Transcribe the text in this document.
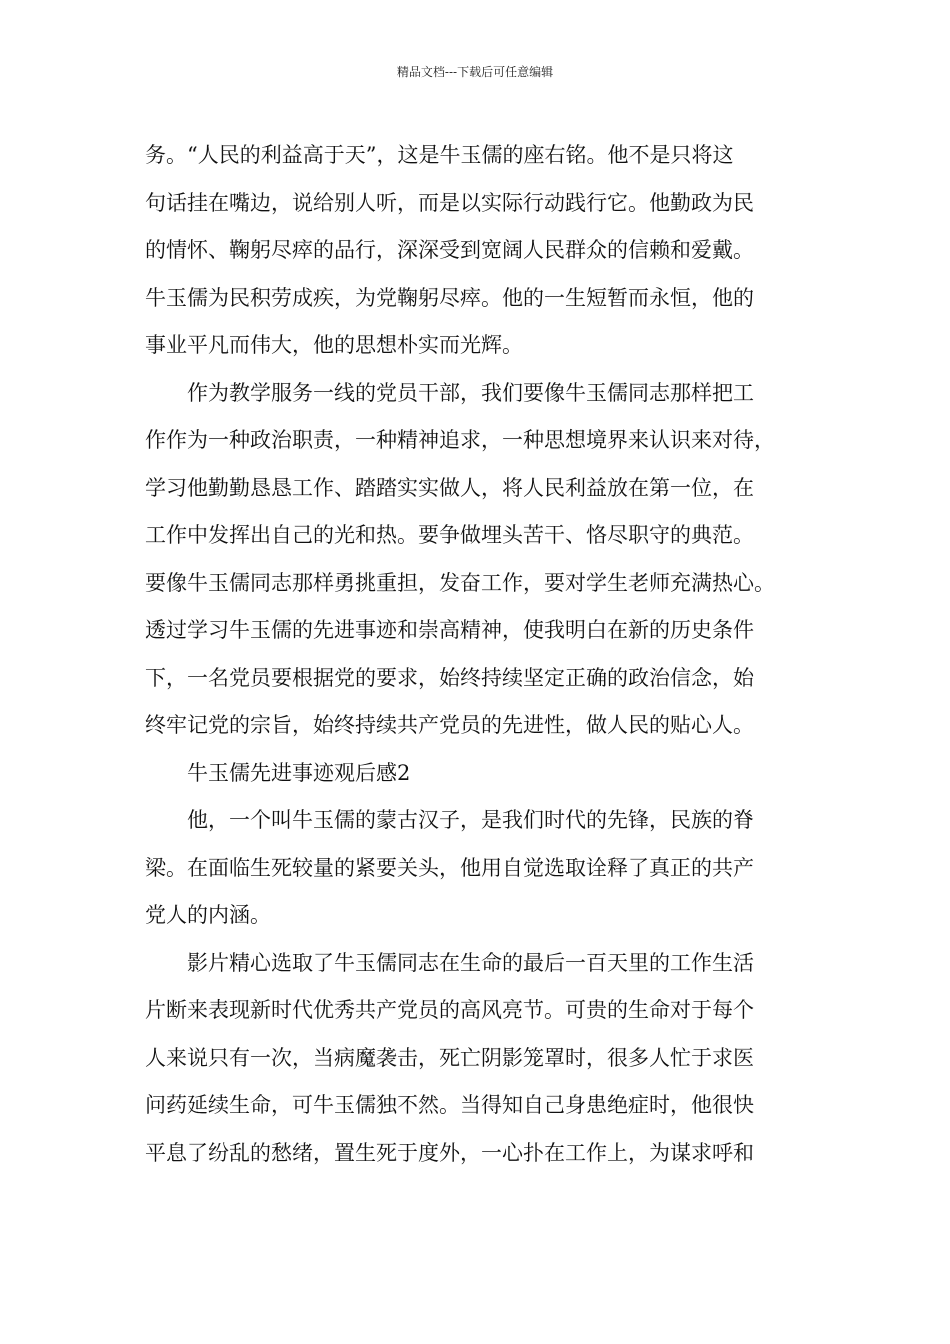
精品文档---下载后可任意编辑

务。“人民的利益高于天”，这是牛玉儒的座右铭。他不是只将这
句话挂在嘴边，说给别人听，而是以实际行动践行它。他勤政为民
的情怀、鞠躬尽瘁的品行，深深受到宽阔人民群众的信赖和爱戴。
牛玉儒为民积劳成疾，为党鞠躬尽瘁。他的一生短暂而永恒，他的
事业平凡而伟大，他的思想朴实而光辉。

作为教学服务一线的党员干部，我们要像牛玉儒同志那样把工
作作为一种政治职责，一种精神追求，一种思想境界来认识来对待，
学习他勤勤恳恳工作、踏踏实实做人，将人民利益放在第一位，在
工作中发挥出自己的光和热。要争做埋头苦干、恪尽职守的典范。
要像牛玉儒同志那样勇挑重担，发奋工作，要对学生老师充满热心。
透过学习牛玉儒的先进事迹和崇高精神，使我明白在新的历史条件
下，一名党员要根据党的要求，始终持续坚定正确的政治信念，始
终牢记党的宗旨，始终持续共产党员的先进性，做人民的贴心人。

牛玉儒先进事迹观后感2

他，一个叫牛玉儒的蒙古汉子，是我们时代的先锋，民族的脊
梁。在面临生死较量的紧要关头，他用自觉选取诠释了真正的共产
党人的内涵。

影片精心选取了牛玉儒同志在生命的最后一百天里的工作生活
片断来表现新时代优秀共产党员的高风亮节。可贵的生命对于每个
人来说只有一次，当病魔袭击，死亡阴影笼罩时，很多人忙于求医
问药延续生命，可牛玉儒独不然。当得知自己身患绝症时，他很快
平息了纷乱的愁绪，置生死于度外，一心扑在工作上，为谋求呼和
